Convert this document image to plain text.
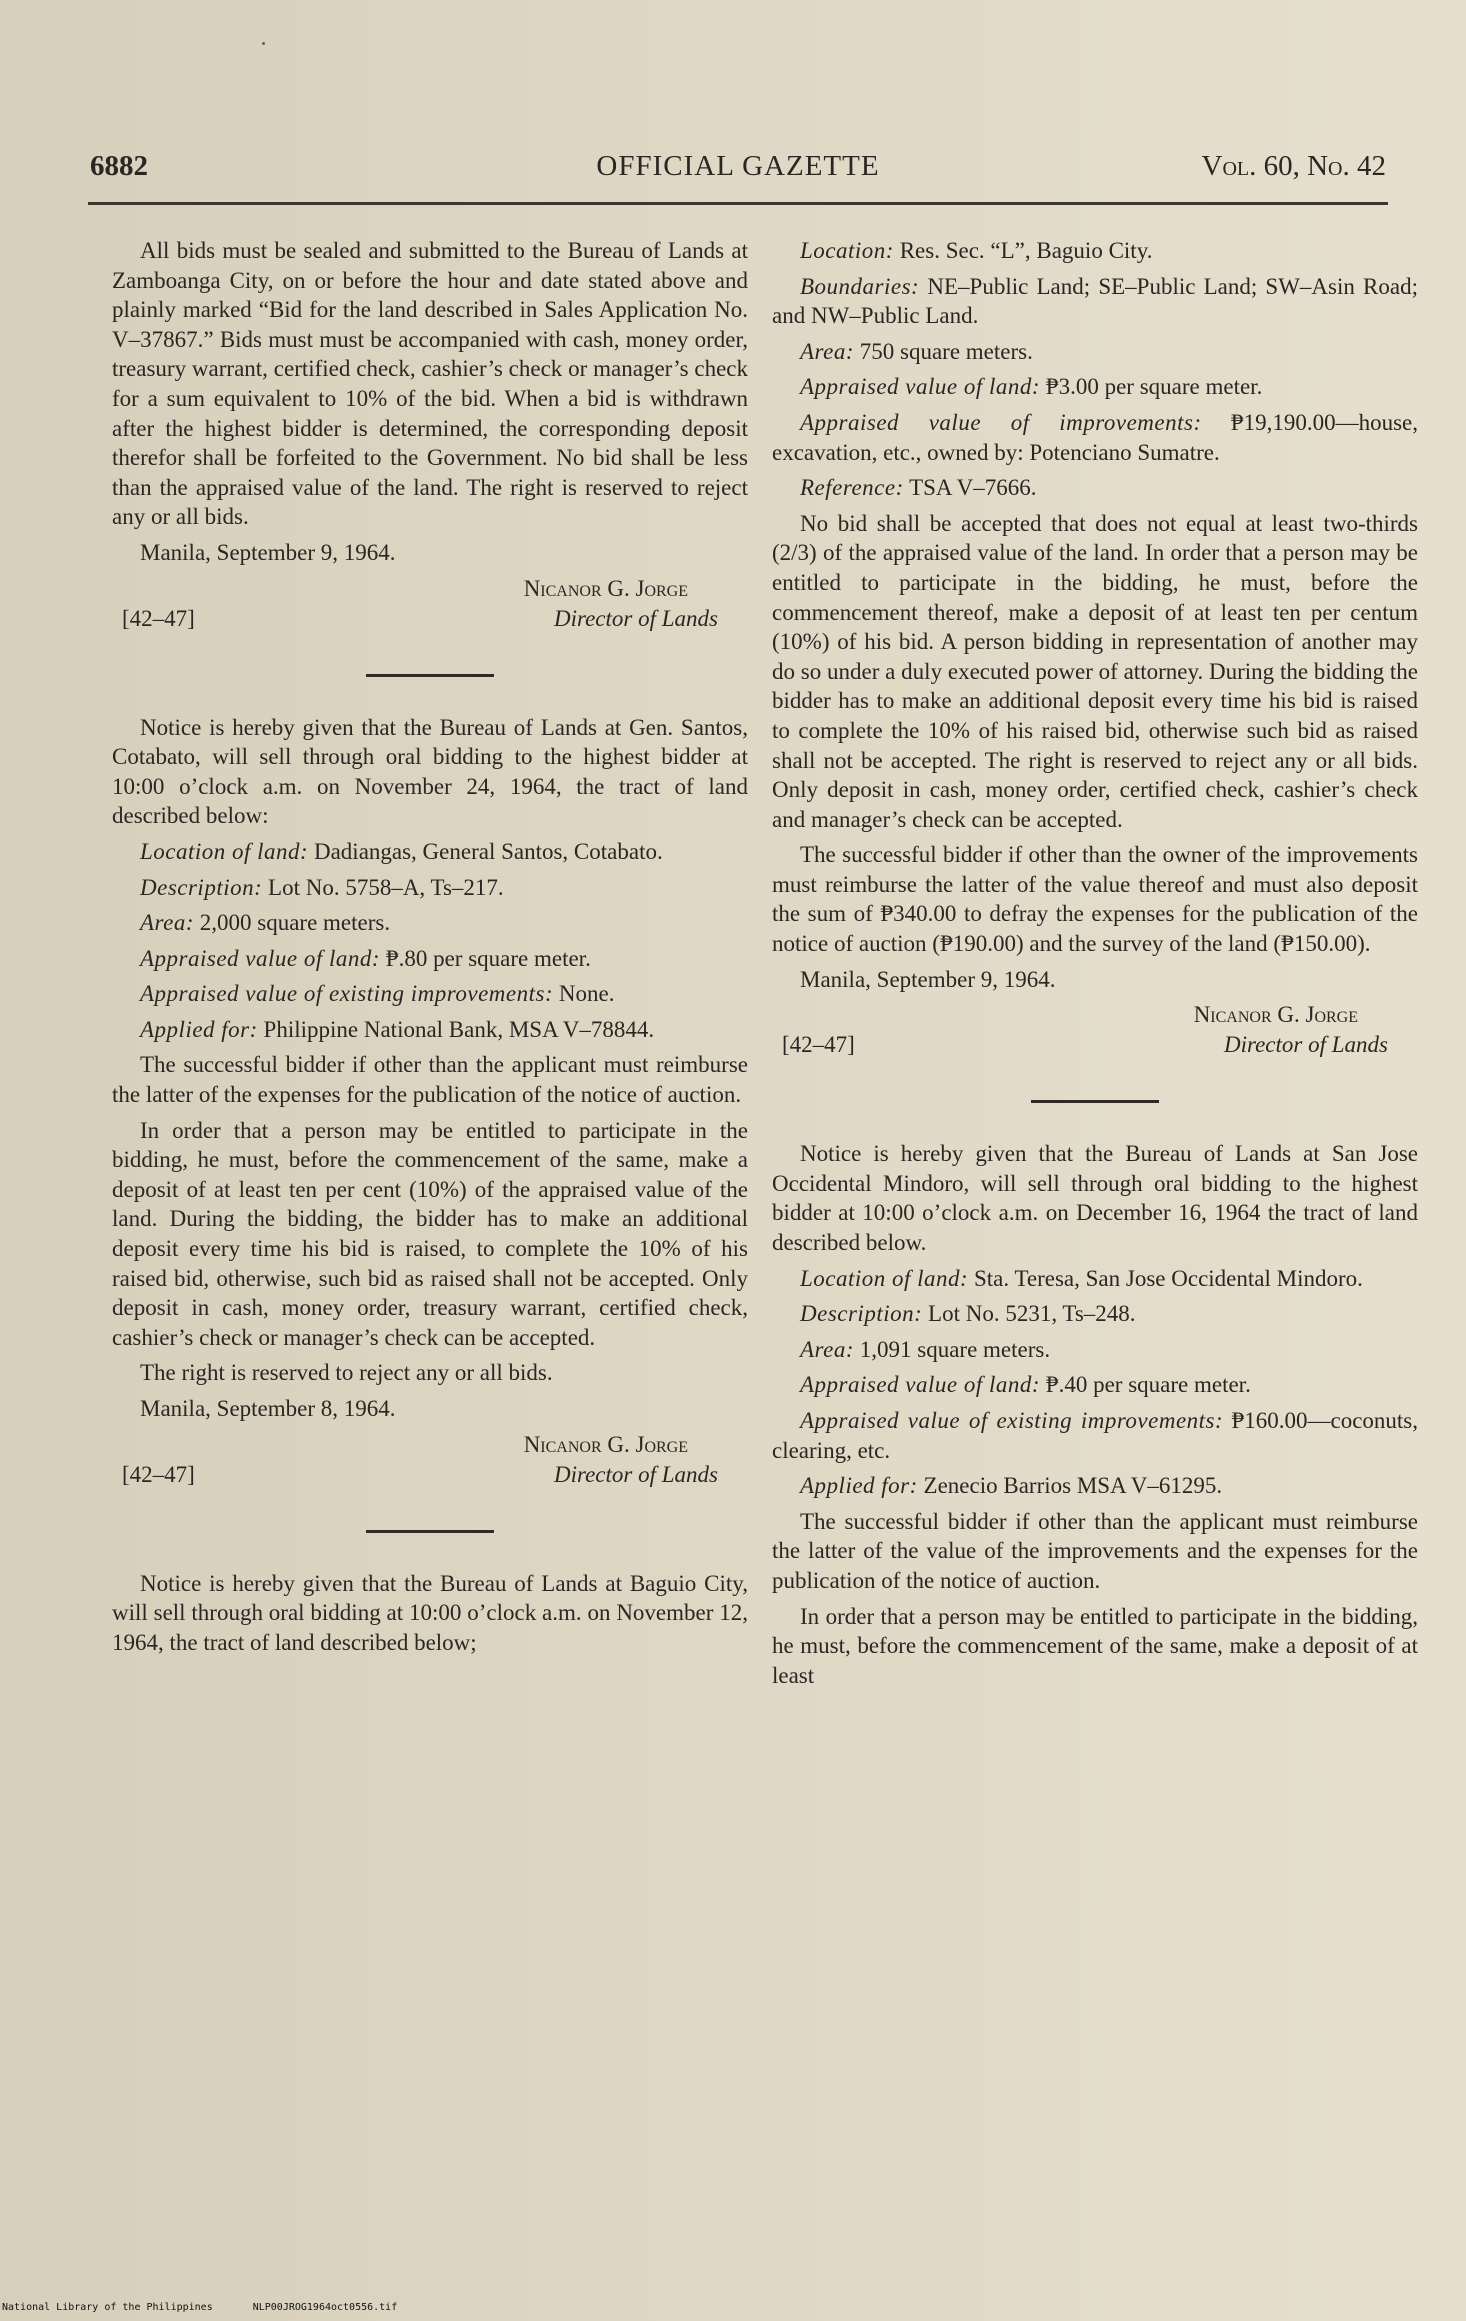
6882	OFFICIAL GAZETTE	Vol. 60, No. 42

All bids must be sealed and submitted to the Bureau of Lands at Zamboanga City, on or before the hour and date stated above and plainly marked “Bid for the land described in Sales Application No. V–37867.” Bids must must be accompanied with cash, money order, treasury warrant, certified check, cashier’s check or manager’s check for a sum equivalent to 10% of the bid. When a bid is withdrawn after the highest bidder is determined, the corresponding deposit therefor shall be forfeited to the Government. No bid shall be less than the appraised value of the land. The right is reserved to reject any or all bids.

Manila, September 9, 1964.

Nicanor G. Jorge
[42–47]	Director of Lands

Notice is hereby given that the Bureau of Lands at Gen. Santos, Cotabato, will sell through oral bidding to the highest bidder at 10:00 o’clock a.m. on November 24, 1964, the tract of land described below:

Location of land: Dadiangas, General Santos, Cotabato.
Description: Lot No. 5758–A, Ts–217.
Area: 2,000 square meters.
Appraised value of land: ₱.80 per square meter.
Appraised value of existing improvements: None.
Applied for: Philippine National Bank, MSA V–78844.

The successful bidder if other than the applicant must reimburse the latter of the expenses for the publication of the notice of auction.

In order that a person may be entitled to participate in the bidding, he must, before the commencement of the same, make a deposit of at least ten per cent (10%) of the appraised value of the land. During the bidding, the bidder has to make an additional deposit every time his bid is raised, to complete the 10% of his raised bid, otherwise, such bid as raised shall not be accepted. Only deposit in cash, money order, treasury warrant, certified check, cashier’s check or manager’s check can be accepted.

The right is reserved to reject any or all bids.

Manila, September 8, 1964.

Nicanor G. Jorge
[42–47]	Director of Lands

Notice is hereby given that the Bureau of Lands at Baguio City, will sell through oral bidding at 10:00 o’clock a.m. on November 12, 1964, the tract of land described below;

Location: Res. Sec. “L”, Baguio City.
Boundaries: NE–Public Land; SE–Public Land; SW–Asin Road; and NW–Public Land.
Area: 750 square meters.
Appraised value of land: ₱3.00 per square meter.
Appraised value of improvements: ₱19,190.00—house, excavation, etc., owned by: Potenciano Sumatre.
Reference: TSA V–7666.

No bid shall be accepted that does not equal at least two-thirds (2/3) of the appraised value of the land. In order that a person may be entitled to participate in the bidding, he must, before the commencement thereof, make a deposit of at least ten per centum (10%) of his bid. A person bidding in representation of another may do so under a duly executed power of attorney. During the bidding the bidder has to make an additional deposit every time his bid is raised to complete the 10% of his raised bid, otherwise such bid as raised shall not be accepted. The right is reserved to reject any or all bids. Only deposit in cash, money order, certified check, cashier’s check and manager’s check can be accepted.

The successful bidder if other than the owner of the improvements must reimburse the latter of the value thereof and must also deposit the sum of ₱340.00 to defray the expenses for the publication of the notice of auction (₱190.00) and the survey of the land (₱150.00).

Manila, September 9, 1964.

Nicanor G. Jorge
[42–47]	Director of Lands

Notice is hereby given that the Bureau of Lands at San Jose Occidental Mindoro, will sell through oral bidding to the highest bidder at 10:00 o’clock a.m. on December 16, 1964 the tract of land described below.

Location of land: Sta. Teresa, San Jose Occidental Mindoro.
Description: Lot No. 5231, Ts–248.
Area: 1,091 square meters.
Appraised value of land: ₱.40 per square meter.
Appraised value of existing improvements: ₱160.00—coconuts, clearing, etc.
Applied for: Zenecio Barrios MSA V–61295.

The successful bidder if other than the applicant must reimburse the latter of the value of the improvements and the expenses for the publication of the notice of auction.

In order that a person may be entitled to participate in the bidding, he must, before the commencement of the same, make a deposit of at least

National Library of the Philippines	NLP00JROG1964oct0556.tif
